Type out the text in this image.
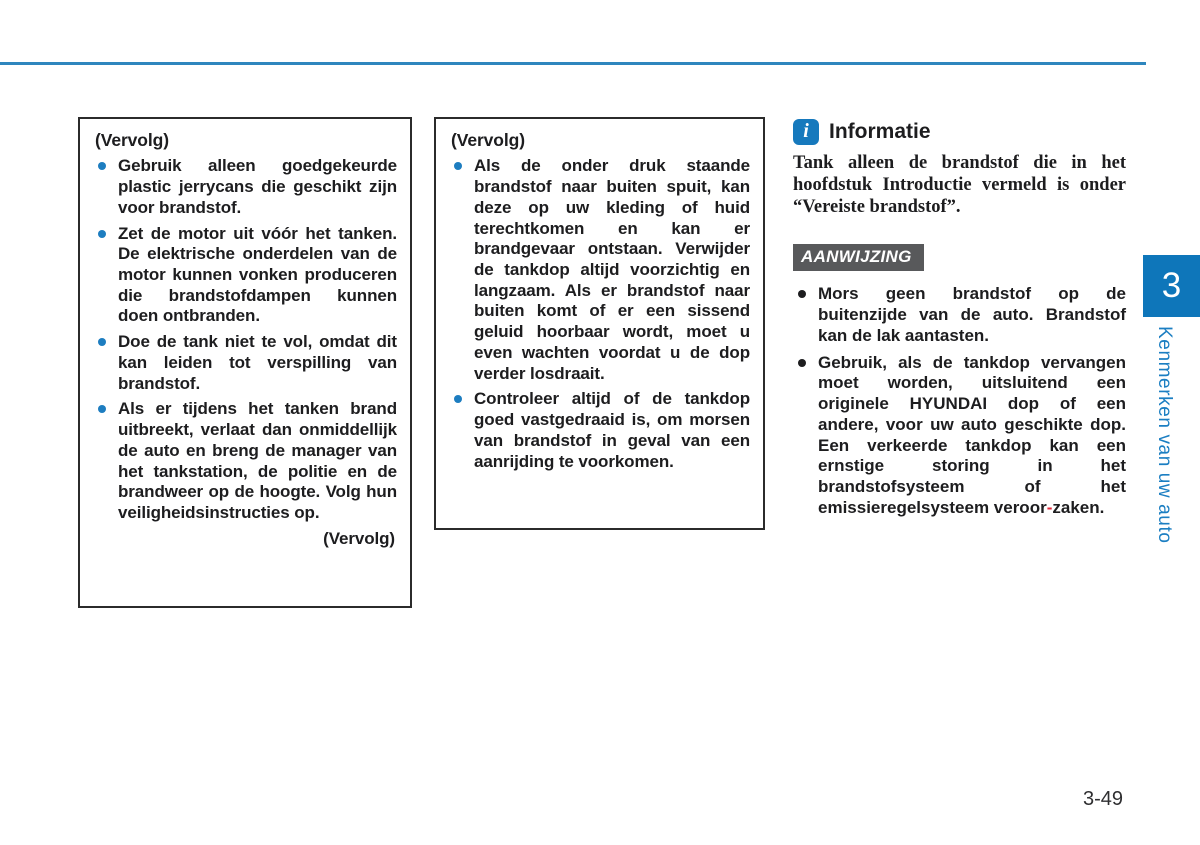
(Vervolg)

Gebruik alleen goedgekeurde plastic jerrycans die geschikt zijn voor brandstof.

Zet de motor uit vóór het tanken. De elektrische onderdelen van de motor kunnen vonken produceren die brandstofdampen kunnen doen ontbranden.

Doe de tank niet te vol, omdat dit kan leiden tot verspilling van brandstof.

Als er tijdens het tanken brand uitbreekt, verlaat dan onmiddellijk de auto en breng de manager van het tankstation, de politie en de brandweer op de hoogte. Volg hun veiligheidsinstructies op.

(Vervolg)
(Vervolg)

Als de onder druk staande brandstof naar buiten spuit, kan deze op uw kleding of huid terechtkomen en kan er brandgevaar ontstaan. Verwijder de tankdop altijd voorzichtig en langzaam. Als er brandstof naar buiten komt of er een sissend geluid hoorbaar wordt, moet u even wachten voordat u de dop verder losdraait.

Controleer altijd of de tankdop goed vastgedraaid is, om morsen van brandstof in geval van een aanrijding te voorkomen.

i Informatie

Tank alleen de brandstof die in het hoofdstuk Introductie vermeld is onder “Vereiste brandstof”.

AANWIJZING

Mors geen brandstof op de buitenzijde van de auto. Brandstof kan de lak aantasten.

Gebruik, als de tankdop vervangen moet worden, uitsluitend een originele HYUNDAI dop of een andere, voor uw auto geschikte dop. Een verkeerde tankdop kan een ernstige storing in het brandstofsysteem of het emissieregelsysteem veroor-zaken.

3
Kenmerken van uw auto
3-49
